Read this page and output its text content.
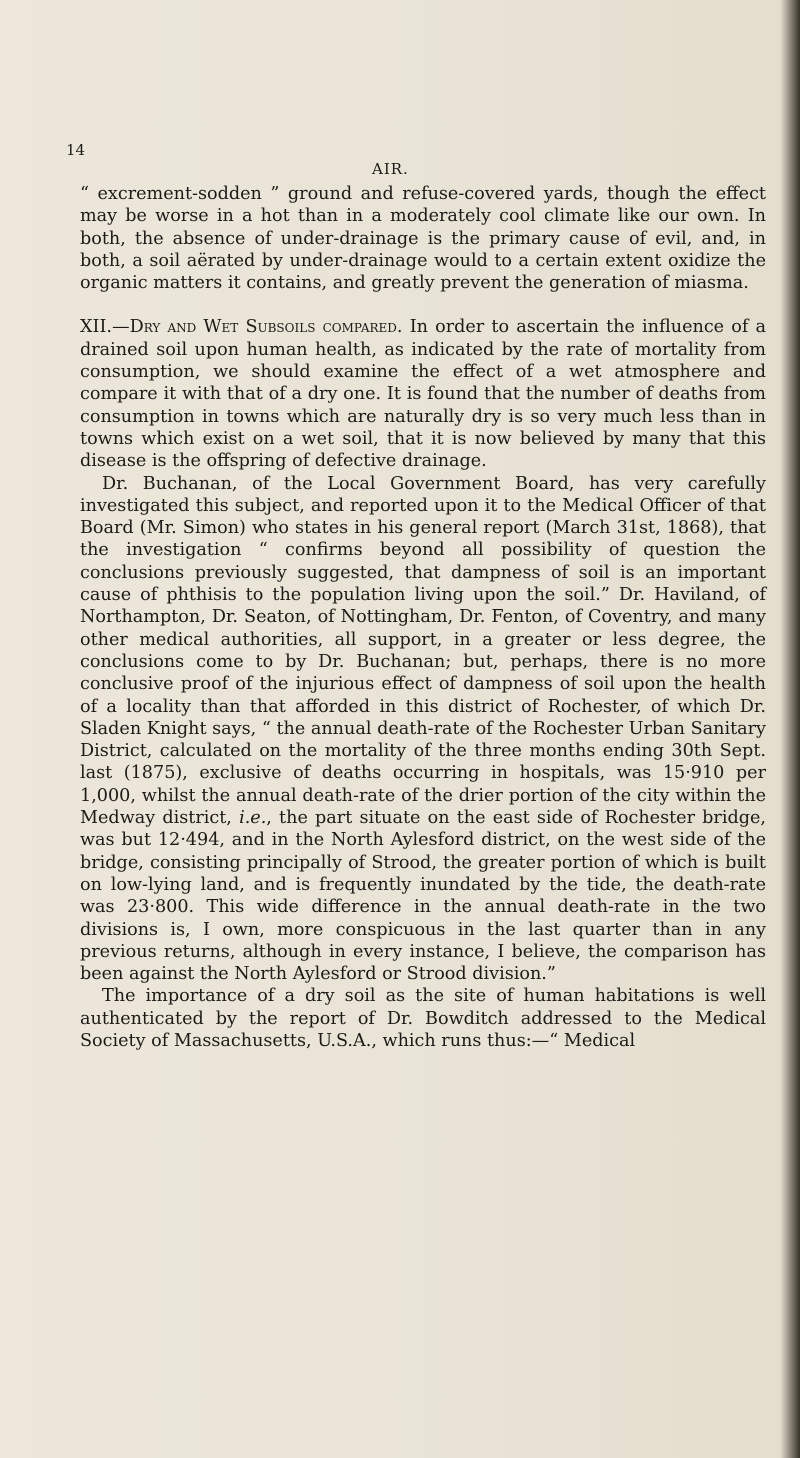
14
AIR.

“ excrement-sodden ” ground and refuse-covered yards, though the effect may be worse in a hot than in a moderately cool climate like our own. In both, the absence of under-drainage is the primary cause of evil, and, in both, a soil aërated by under-drainage would to a certain extent oxidize the organic matters it contains, and greatly prevent the generation of miasma.

XII.—Dry and Wet Subsoils compared. In order to ascertain the influence of a drained soil upon human health, as indicated by the rate of mortality from consumption, we should examine the effect of a wet atmosphere and compare it with that of a dry one. It is found that the number of deaths from consumption in towns which are naturally dry is so very much less than in towns which exist on a wet soil, that it is now believed by many that this disease is the offspring of defective drainage.

Dr. Buchanan, of the Local Government Board, has very carefully investigated this subject, and reported upon it to the Medical Officer of that Board (Mr. Simon) who states in his general report (March 31st, 1868), that the investigation “ confirms beyond all possibility of question the conclusions previously suggested, that dampness of soil is an important cause of phthisis to the population living upon the soil.” Dr. Haviland, of Northampton, Dr. Seaton, of Nottingham, Dr. Fenton, of Coventry, and many other medical authorities, all support, in a greater or less degree, the conclusions come to by Dr. Buchanan; but, perhaps, there is no more conclusive proof of the injurious effect of dampness of soil upon the health of a locality than that afforded in this district of Rochester, of which Dr. Sladen Knight says, “ the annual death-rate of the Rochester Urban Sanitary District, calculated on the mortality of the three months ending 30th Sept. last (1875), exclusive of deaths occurring in hospitals, was 15·910 per 1,000, whilst the annual death-rate of the drier portion of the city within the Medway district, i.e., the part situate on the east side of Rochester bridge, was but 12·494, and in the North Aylesford district, on the west side of the bridge, consisting principally of Strood, the greater portion of which is built on low-lying land, and is frequently inundated by the tide, the death-rate was 23·800. This wide difference in the annual death-rate in the two divisions is, I own, more conspicuous in the last quarter than in any previous returns, although in every instance, I believe, the comparison has been against the North Aylesford or Strood division.”

The importance of a dry soil as the site of human habitations is well authenticated by the report of Dr. Bowditch addressed to the Medical Society of Massachusetts, U.S.A., which runs thus:—“ Medical
